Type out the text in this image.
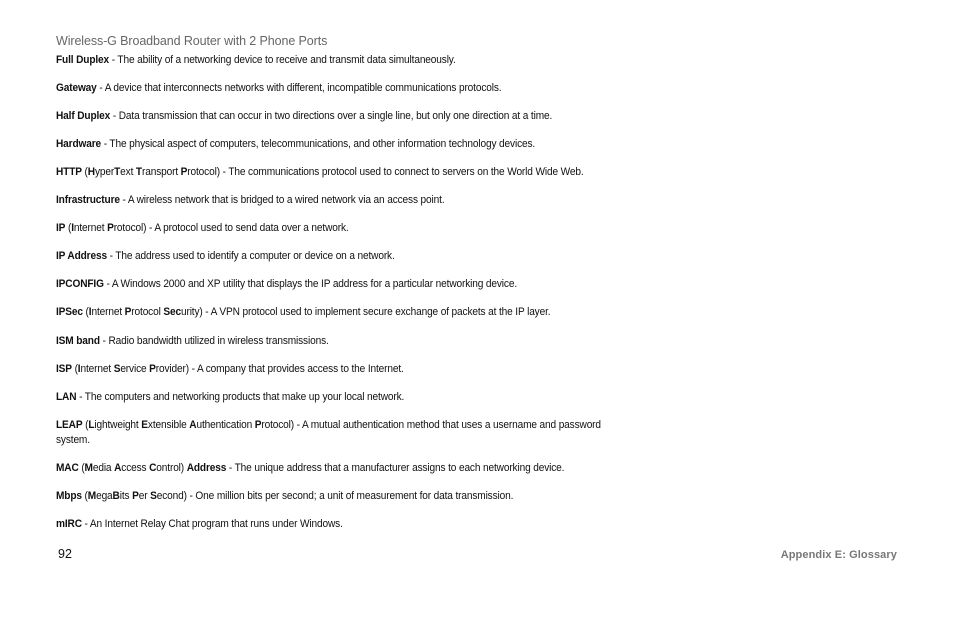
Wireless-G Broadband Router with 2 Phone Ports
Full Duplex - The ability of a networking device to receive and transmit data simultaneously.
Gateway - A device that interconnects networks with different, incompatible communications protocols.
Half Duplex - Data transmission that can occur in two directions over a single line, but only one direction at a time.
Hardware - The physical aspect of computers, telecommunications, and other information technology devices.
HTTP (HyperText Transport Protocol) - The communications protocol used to connect to servers on the World Wide Web.
Infrastructure - A wireless network that is bridged to a wired network via an access point.
IP (Internet Protocol) - A protocol used to send data over a network.
IP Address - The address used to identify a computer or device on a network.
IPCONFIG - A Windows 2000 and XP utility that displays the IP address for a particular networking device.
IPSec (Internet Protocol Security) - A VPN protocol used to implement secure exchange of packets at the IP layer.
ISM band - Radio bandwidth utilized in wireless transmissions.
ISP (Internet Service Provider) - A company that provides access to the Internet.
LAN - The computers and networking products that make up your local network.
LEAP (Lightweight Extensible Authentication Protocol) - A mutual authentication method that uses a username and password system.
MAC (Media Access Control) Address - The unique address that a manufacturer assigns to each networking device.
Mbps (MegaBits Per Second) - One million bits per second; a unit of measurement for data transmission.
mIRC - An Internet Relay Chat program that runs under Windows.
92	Appendix E: Glossary
